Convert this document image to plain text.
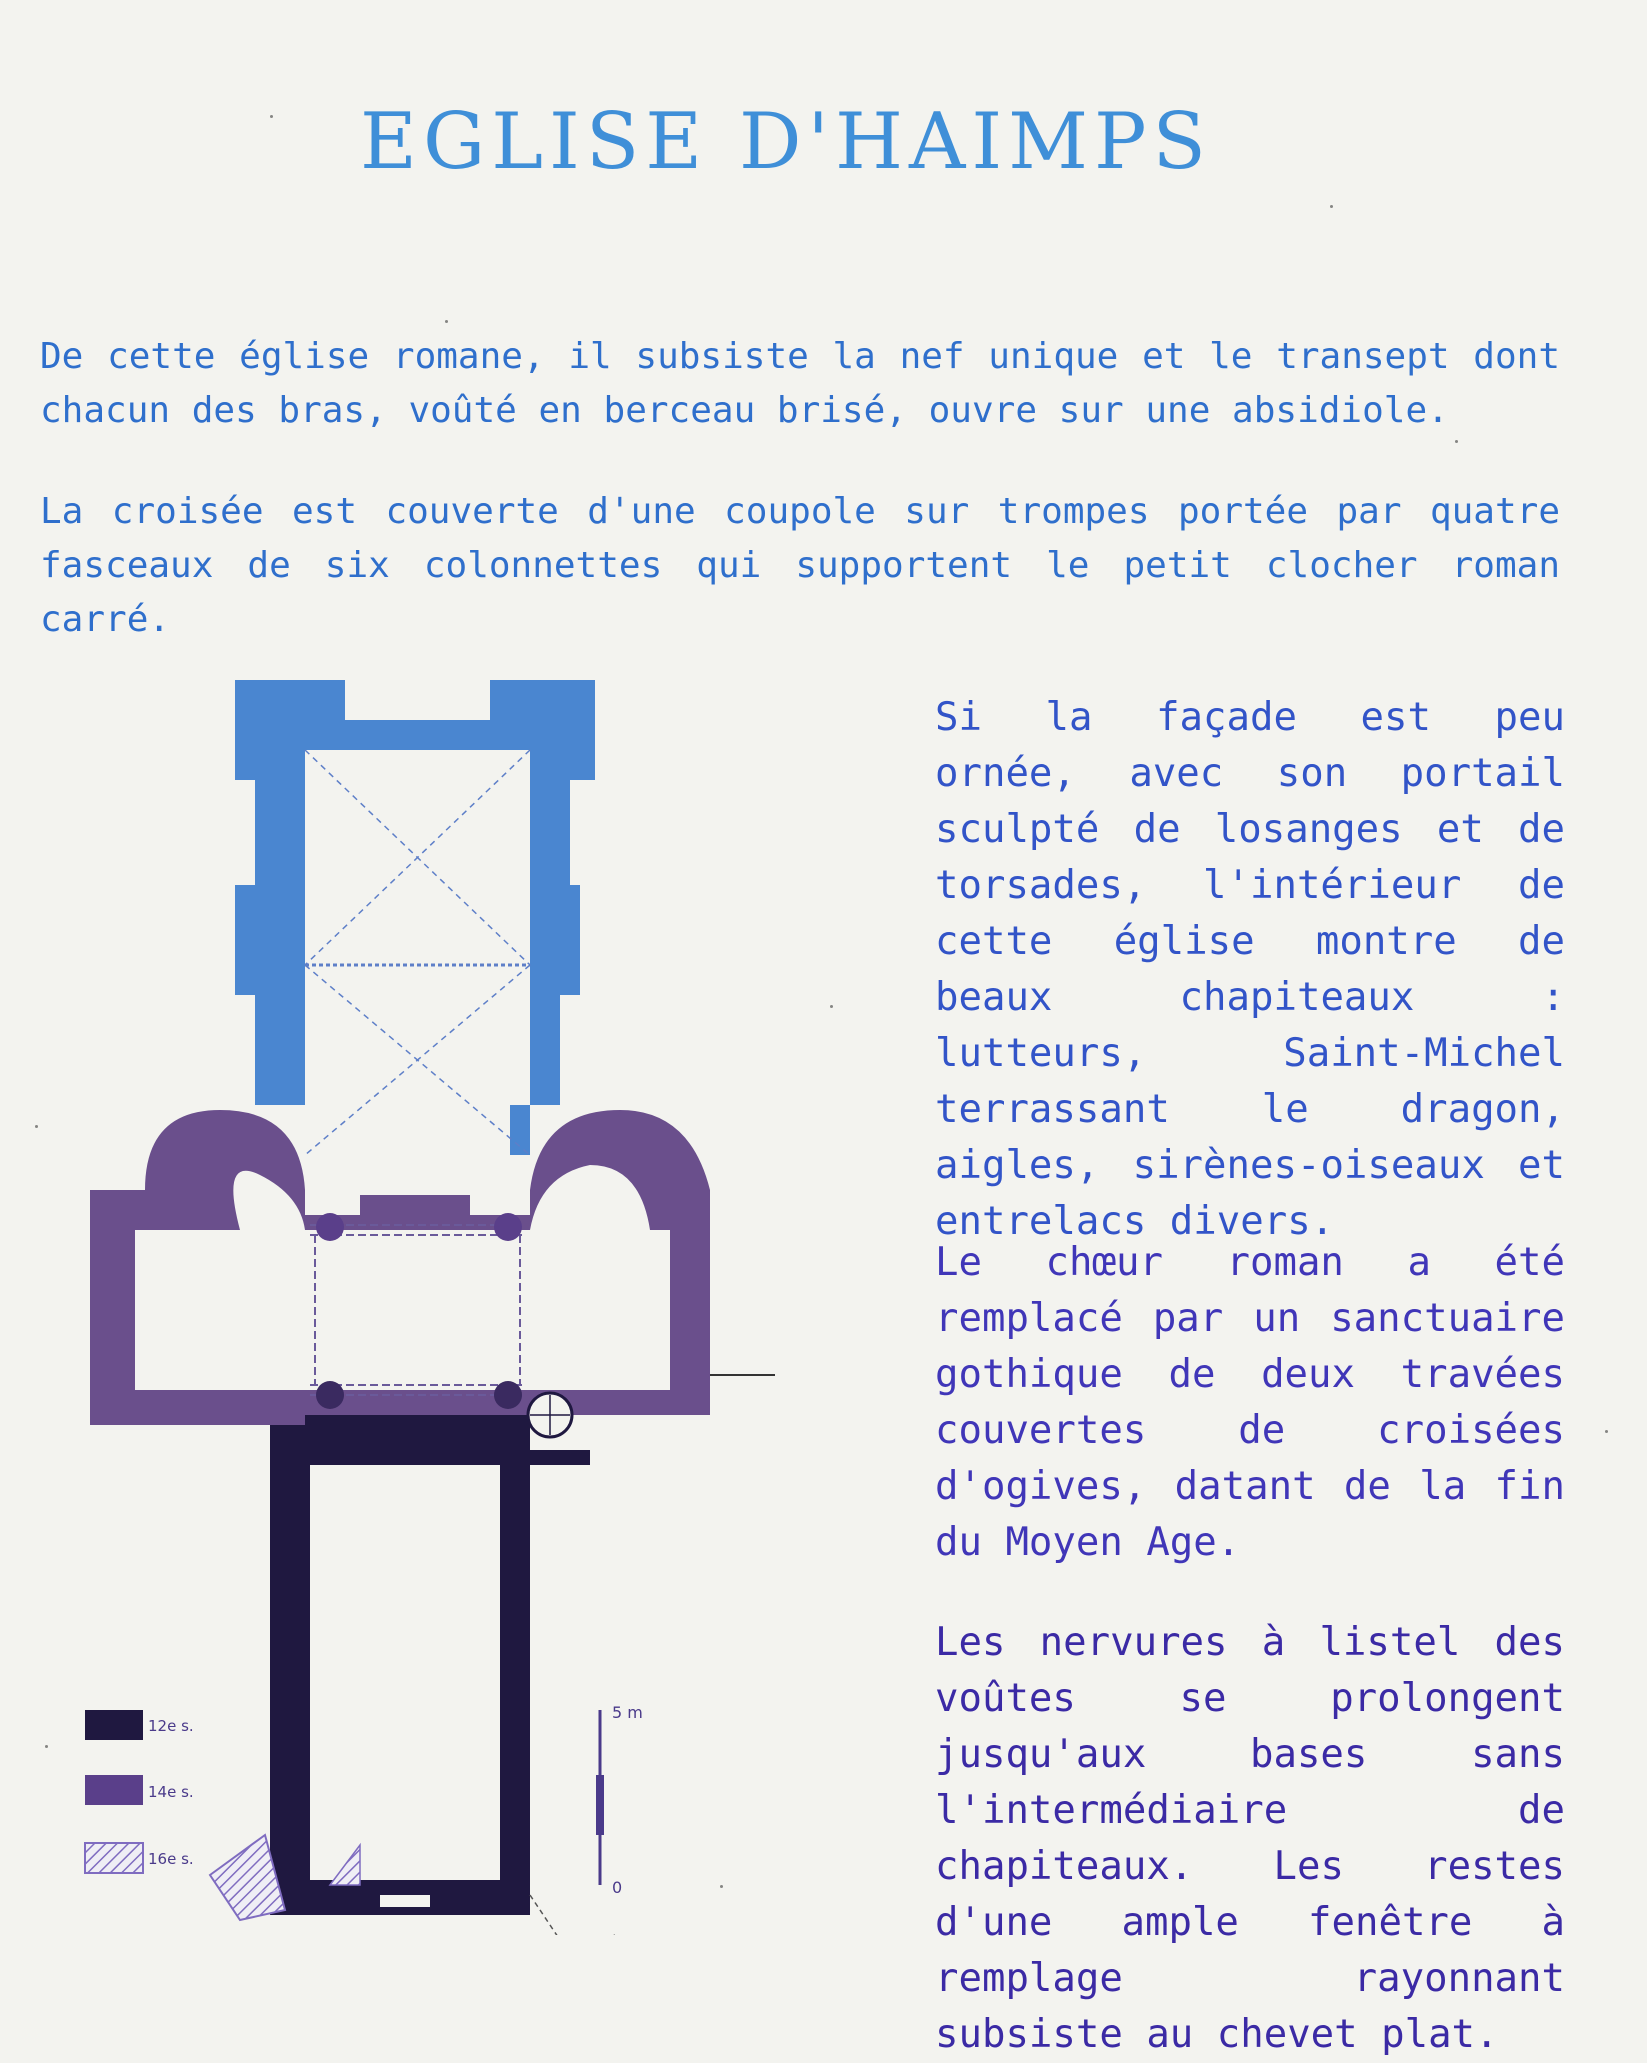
EGLISE D'HAIMPS

De cette église romane, il subsiste la nef unique et le transept dont chacun des bras, voûté en berceau brisé, ouvre sur une absidiole.

La croisée est couverte d'une coupole sur trompes portée par quatre fasceaux de six colonnettes qui supportent le petit clocher roman carré.

Si la façade est peu ornée, avec son portail sculpté de losanges et de torsades, l'intérieur de cette église montre de beaux chapiteaux : lutteurs, Saint-Michel terrassant le dragon, aigles, sirènes-oiseaux et entrelacs divers.

Le chœur roman a été remplacé par un sanctuaire gothique de deux travées couvertes de croisées d'ogives, datant de la fin du Moyen Age.

Les nervures à listel des voûtes se prolongent jusqu'aux bases sans l'intermédiaire de chapiteaux. Les restes d'une ample fenêtre à remplage rayonnant subsiste au chevet plat.

12e s.
14e s.
16e s.
5 m
0
